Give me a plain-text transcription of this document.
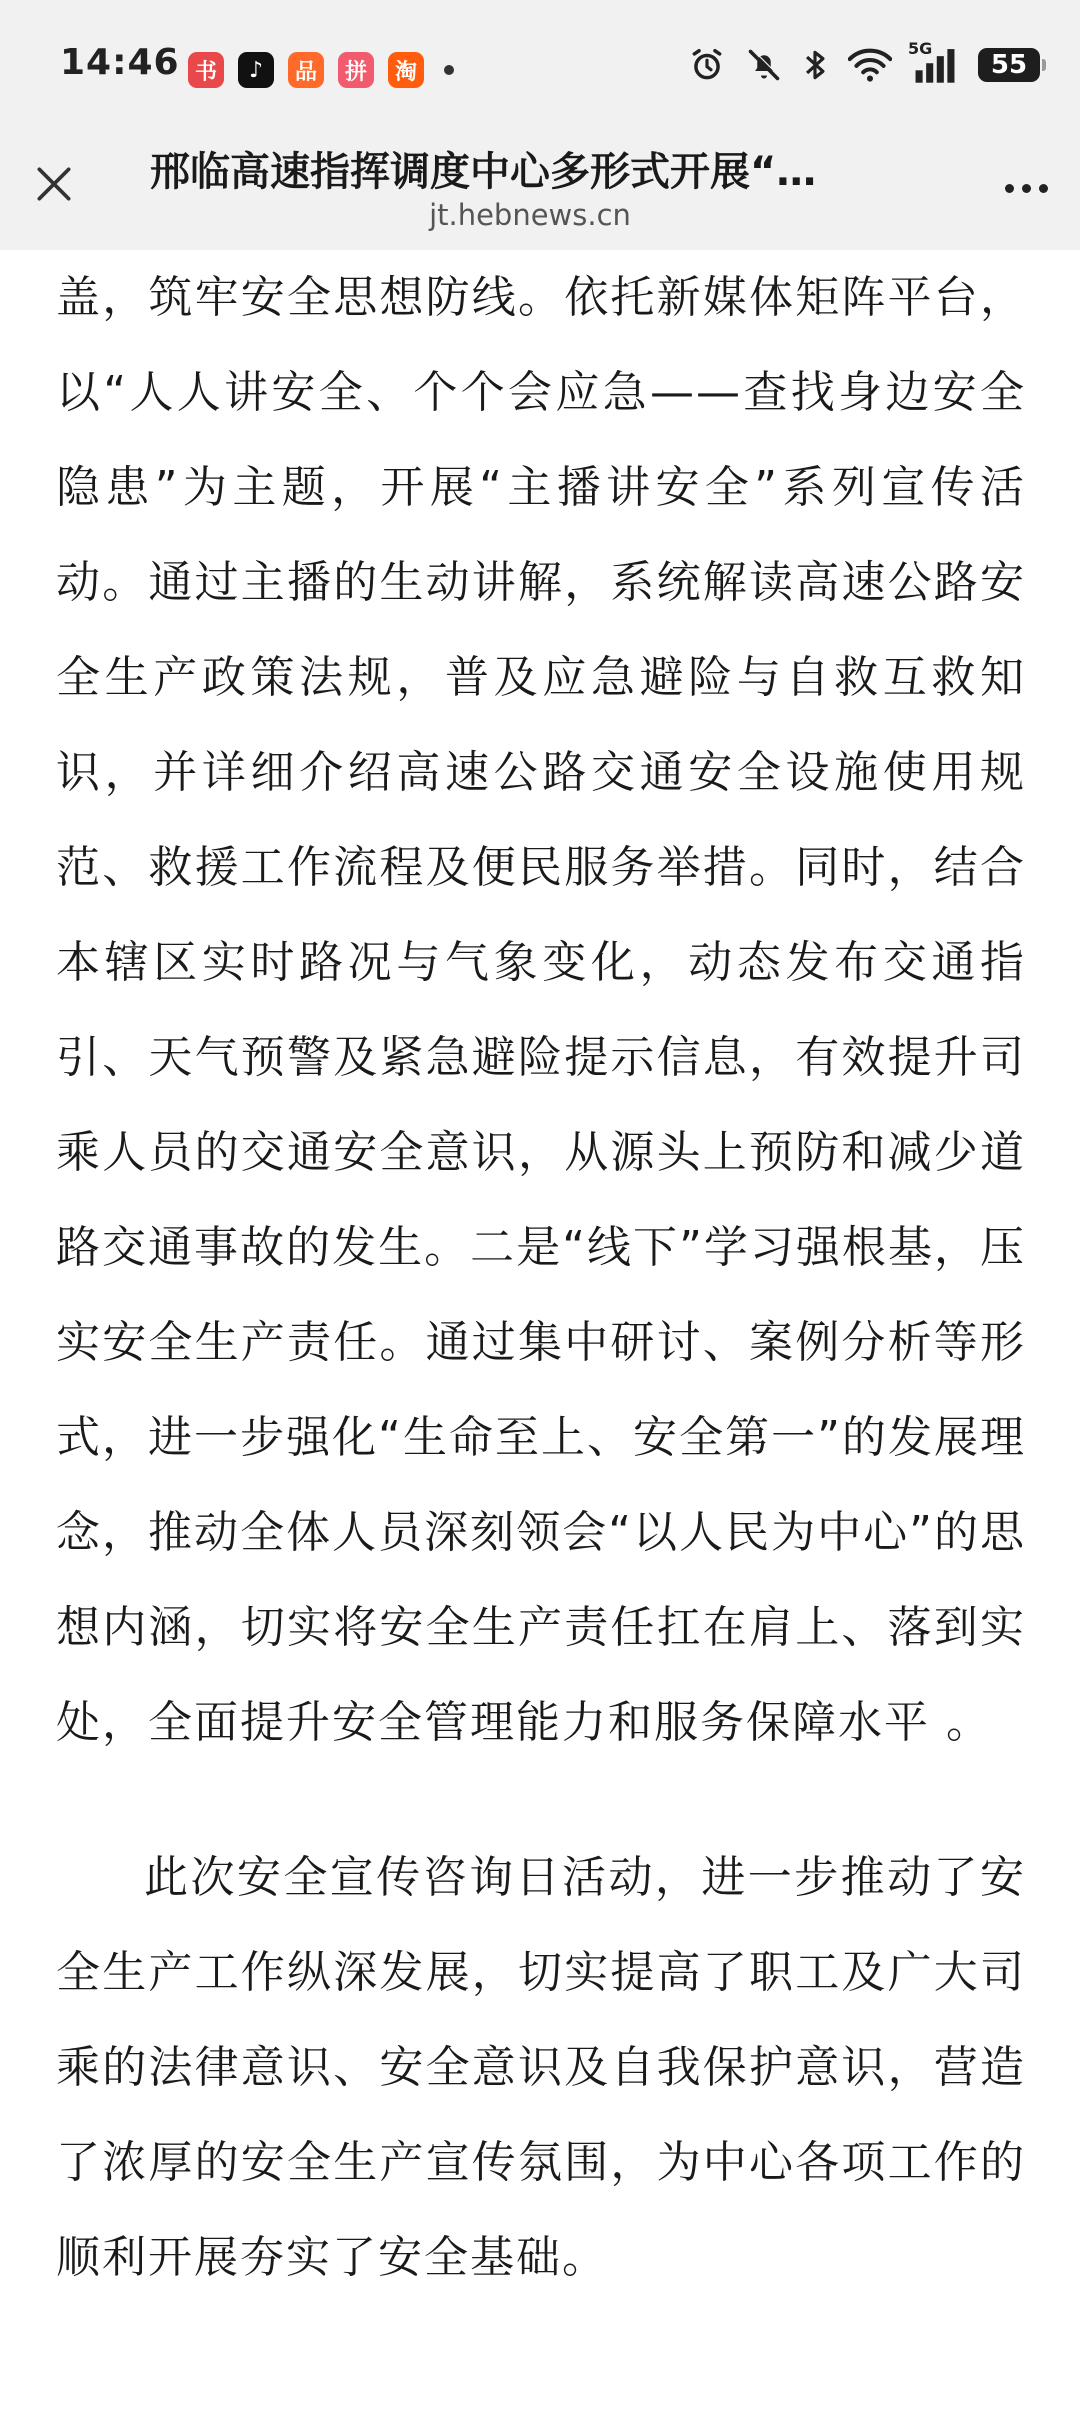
14:46 书	♪	品	拼	淘
5G
55
邢临高速指挥调度中心多形式开展“…
jt.hebnews.cn

盖，筑牢安全思想防线。依托新媒体矩阵平台，以“人人讲安全、个个会应急——查找身边安全隐患”为主题，开展“主播讲安全”系列宣传活动。通过主播的生动讲解，系统解读高速公路安全生产政策法规，普及应急避险与自救互救知识，并详细介绍高速公路交通安全设施使用规范、救援工作流程及便民服务举措。同时，结合本辖区实时路况与气象变化，动态发布交通指引、天气预警及紧急避险提示信息，有效提升司乘人员的交通安全意识，从源头上预防和减少道路交通事故的发生。二是“线下”学习强根基，压实安全生产责任。通过集中研讨、案例分析等形式，进一步强化“生命至上、安全第一”的发展理念，推动全体人员深刻领会“以人民为中心”的思想内涵，切实将安全生产责任扛在肩上、落到实处，全面提升安全管理能力和服务保障水平 。

此次安全宣传咨询日活动，进一步推动了安全生产工作纵深发展，切实提高了职工及广大司乘的法律意识、安全意识及自我保护意识，营造了浓厚的安全生产宣传氛围，为中心各项工作的顺利开展夯实了安全基础。
